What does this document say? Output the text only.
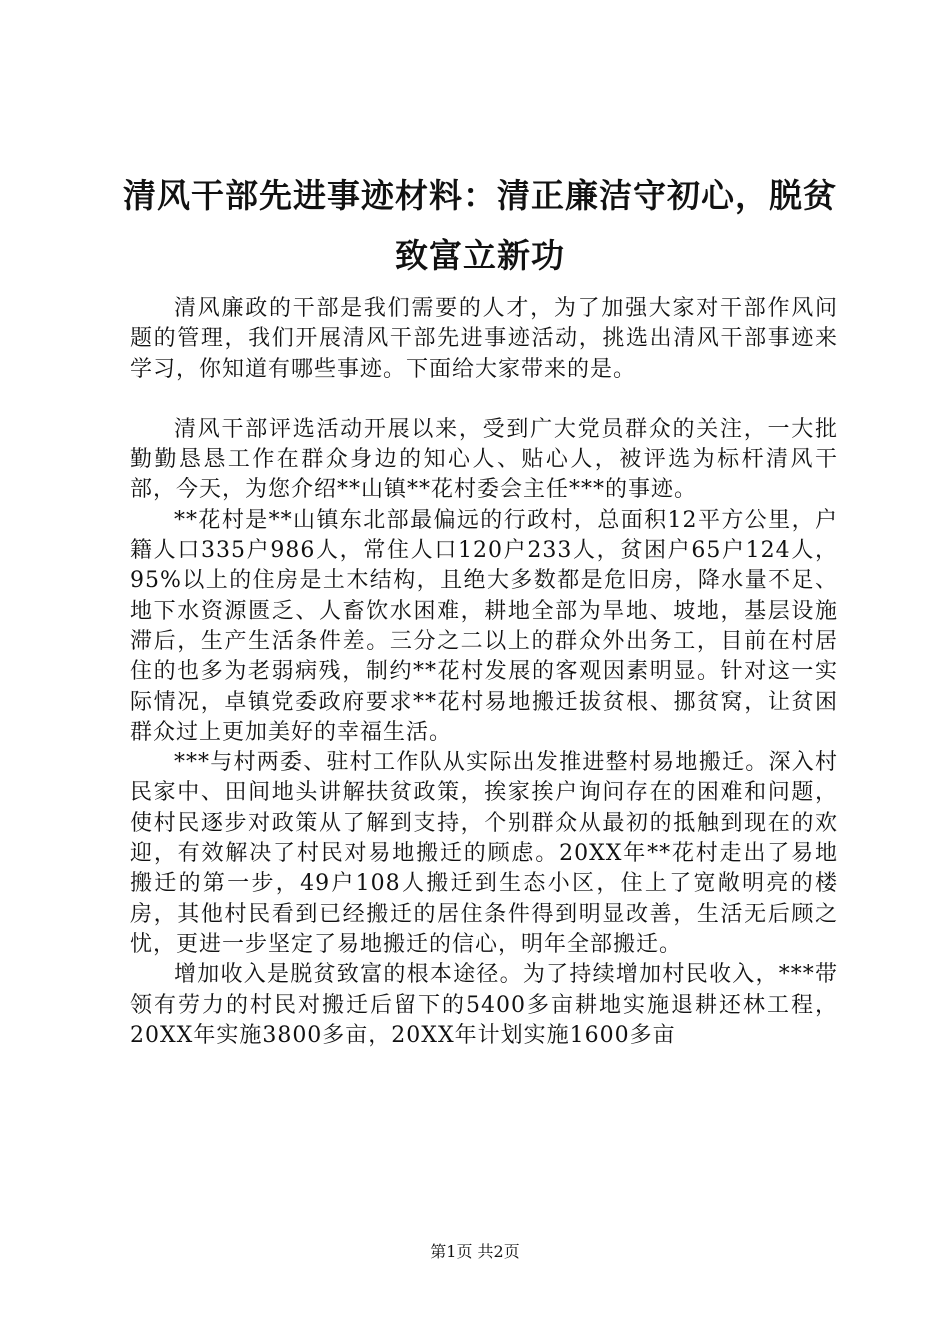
清风干部先进事迹材料：清正廉洁守初心，脱贫致富立新功

清风廉政的干部是我们需要的人才，为了加强大家对干部作风问题的管理，我们开展清风干部先进事迹活动，挑选出清风干部事迹来学习，你知道有哪些事迹。下面给大家带来的是。

清风干部评选活动开展以来，受到广大党员群众的关注，一大批勤勤恳恳工作在群众身边的知心人、贴心人，被评选为标杆清风干部，今天，为您介绍**山镇**花村委会主任***的事迹。

**花村是**山镇东北部最偏远的行政村，总面积12平方公里，户籍人口335户986人，常住人口120户233人，贫困户65户124人，95%以上的住房是土木结构，且绝大多数都是危旧房，降水量不足、地下水资源匮乏、人畜饮水困难，耕地全部为旱地、坡地，基层设施滞后，生产生活条件差。三分之二以上的群众外出务工，目前在村居住的也多为老弱病残，制约**花村发展的客观因素明显。针对这一实际情况，卓镇党委政府要求**花村易地搬迁拔贫根、挪贫窝，让贫困群众过上更加美好的幸福生活。

***与村两委、驻村工作队从实际出发推进整村易地搬迁。深入村民家中、田间地头讲解扶贫政策，挨家挨户询问存在的困难和问题，使村民逐步对政策从了解到支持，个别群众从最初的抵触到现在的欢迎，有效解决了村民对易地搬迁的顾虑。20XX年**花村走出了易地搬迁的第一步，49户108人搬迁到生态小区，住上了宽敞明亮的楼房，其他村民看到已经搬迁的居住条件得到明显改善，生活无后顾之忧，更进一步坚定了易地搬迁的信心，明年全部搬迁。

增加收入是脱贫致富的根本途径。为了持续增加村民收入，***带领有劳力的村民对搬迁后留下的5400多亩耕地实施退耕还林工程，20XX年实施3800多亩，20XX年计划实施1600多亩

第1页 共2页
